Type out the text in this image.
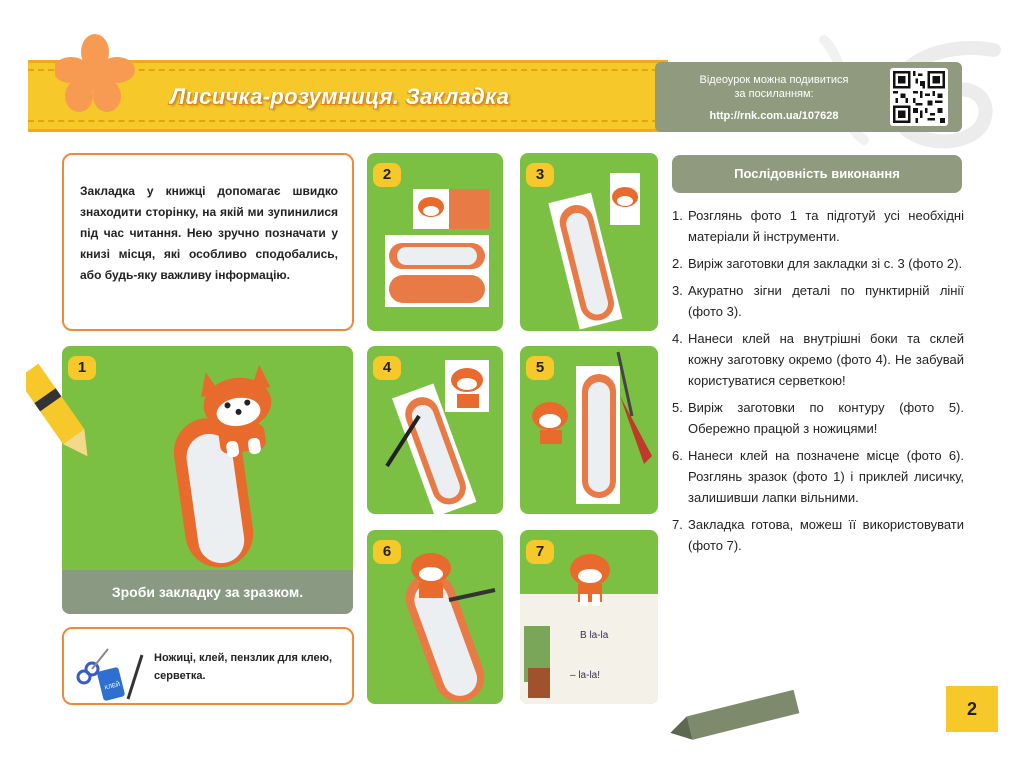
Лисичка-розумниця. Закладка
Відеоурок можна подивитися
за посиланням:
http://rnk.com.ua/107628

Закладка у книжці допомагає швидко знаходити сторінку, на якій ми зупинилися під час читання. Нею зручно позначати у книзі місця, які особливо сподобались, або будь-яку важливу інформацію.

1
Зроби закладку за зразком.
2	3
4	5
6	7
В la-la
– la-la!
КЛЕЙ

Ножиці, клей, пензлик для клею, серветка.

Послідовність виконання
1. Розглянь фото 1 та підготуй усі необхідні матеріали й інструменти.
2. Виріж заготовки для закладки зі с. 3 (фото 2).
3. Акуратно зігни деталі по пунктирній лінії (фото 3).
4. Нанеси клей на внутрішні боки та склей кожну заготовку окремо (фото 4). Не забувай користуватися серветкою!
5. Виріж заготовки по контуру (фото 5). Обережно працюй з ножицями!
6. Нанеси клей на позначене місце (фото 6). Розглянь зразок (фото 1) і приклей лисичку, залишивши лапки вільними.
7. Закладка готова, можеш її використовувати (фото 7).
2
